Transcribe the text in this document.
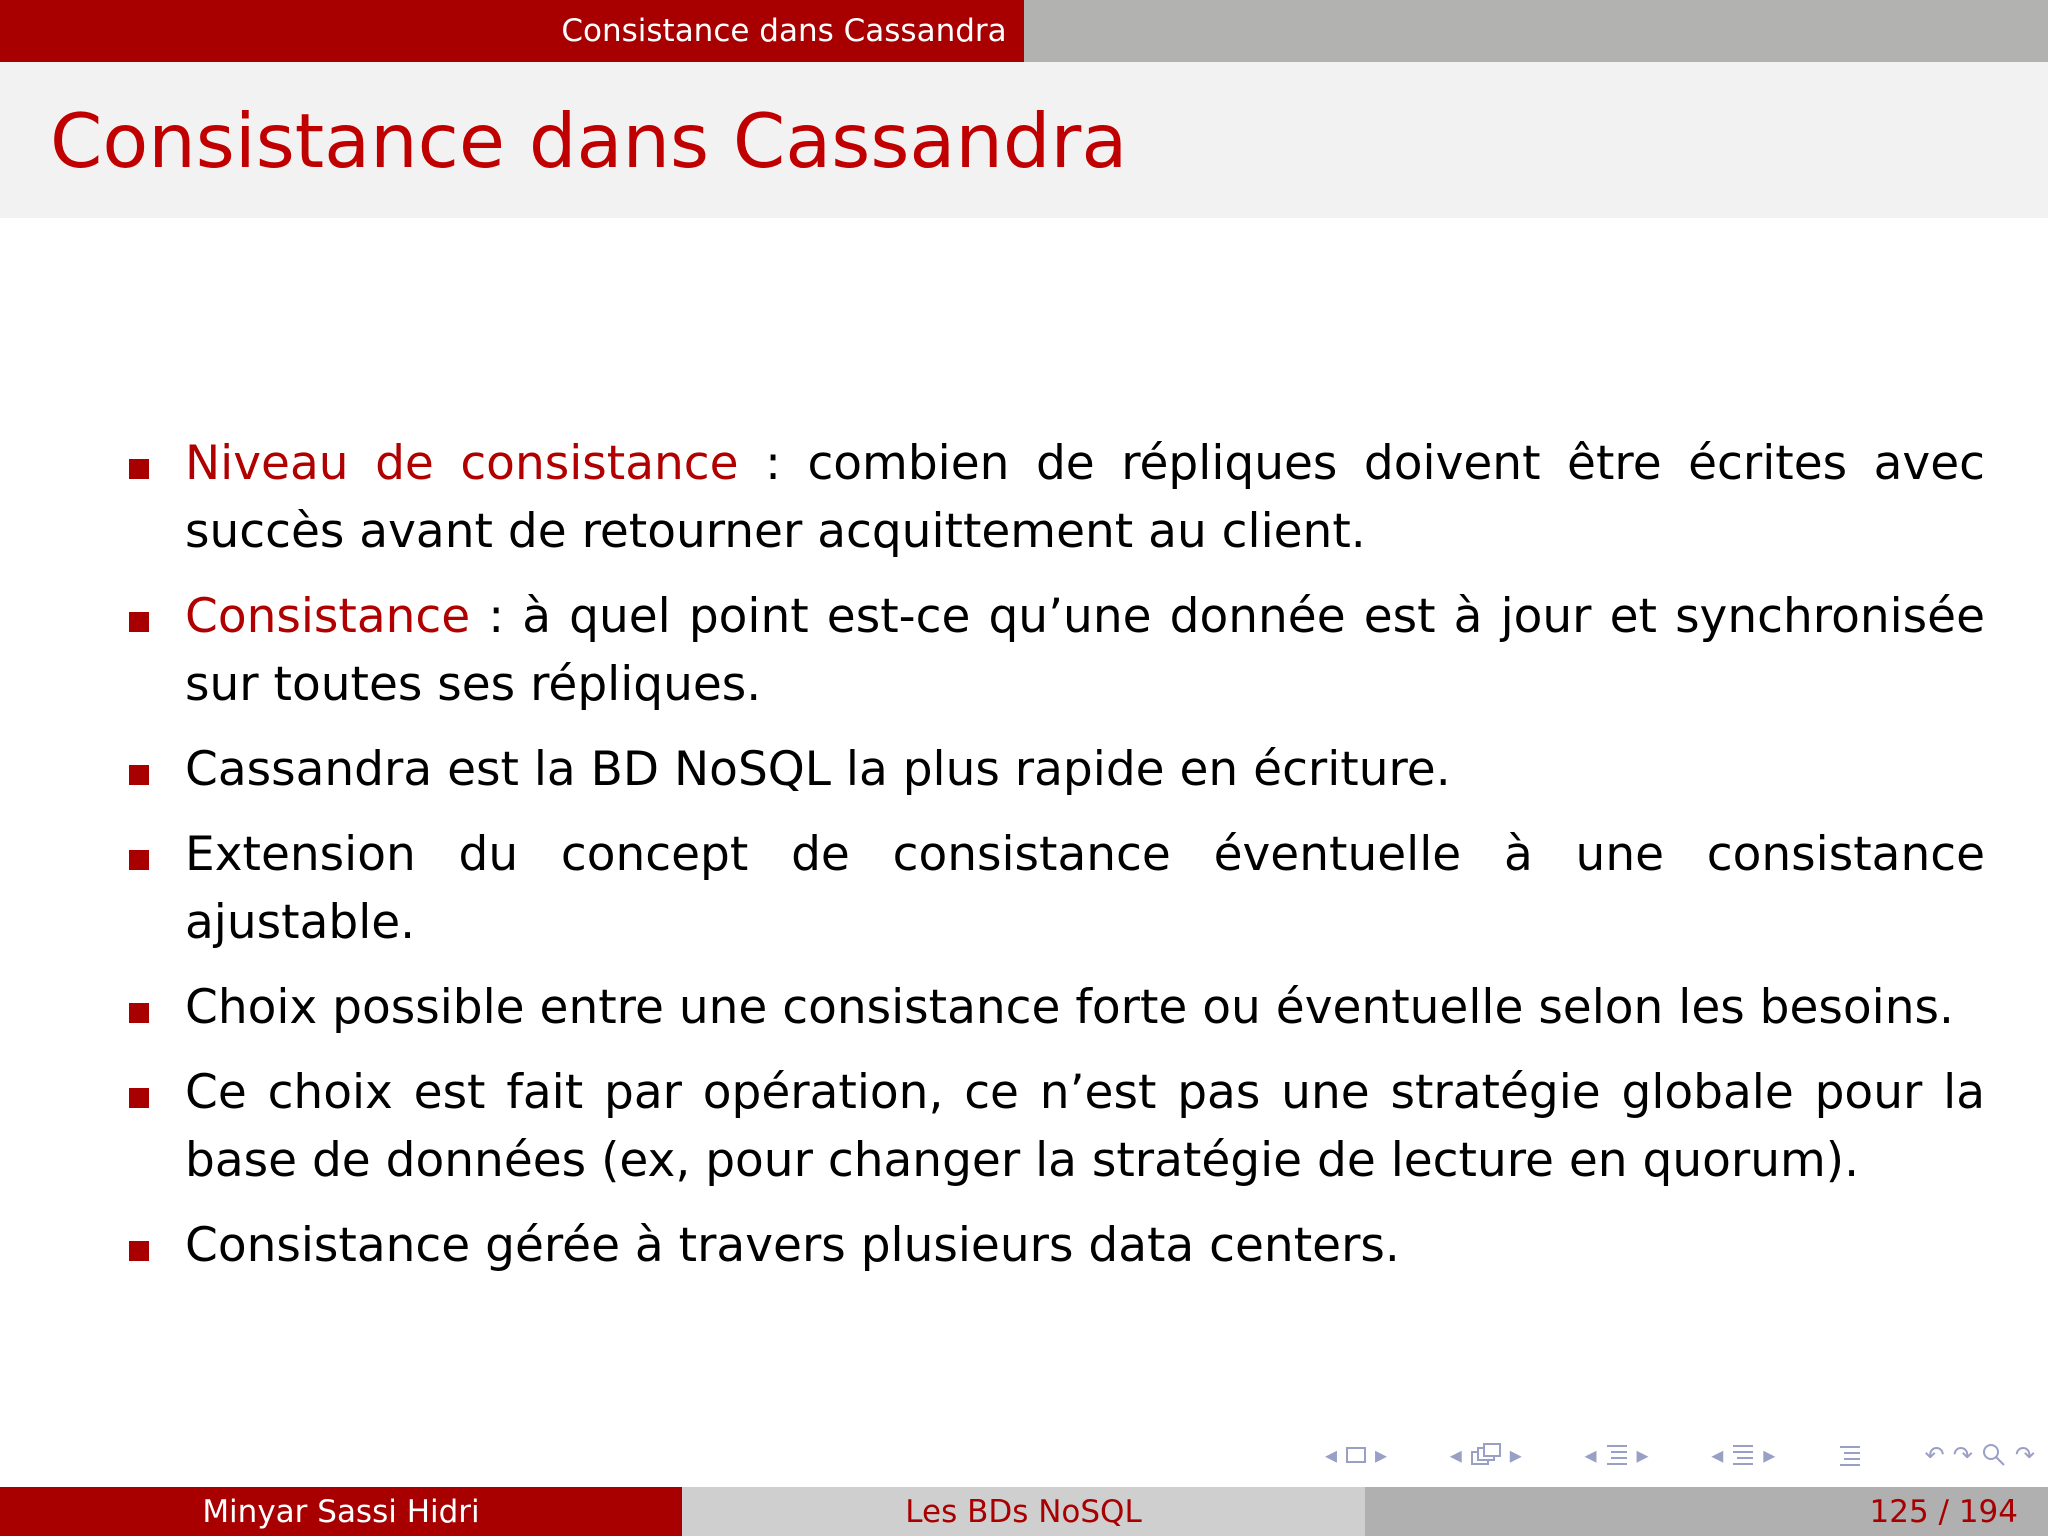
Consistance dans Cassandra
Consistance dans Cassandra
Niveau de consistance : combien de répliques doivent être écrites avec succès avant de retourner acquittement au client.
Consistance : à quel point est-ce qu’une donnée est à jour et synchronisée sur toutes ses répliques.
Cassandra est la BD NoSQL la plus rapide en écriture.
Extension du concept de consistance éventuelle à une consistance ajustable.
Choix possible entre une consistance forte ou éventuelle selon les besoins.
Ce choix est fait par opération, ce n’est pas une stratégie globale pour la base de données (ex, pour changer la stratégie de lecture en quorum).
Consistance gérée à travers plusieurs data centers.
◂ ▸	◂ ▸	◂ ▸	◂ ▸	↶ ↷ ↷
Minyar Sassi Hidri	Les BDs NoSQL	125 / 194
